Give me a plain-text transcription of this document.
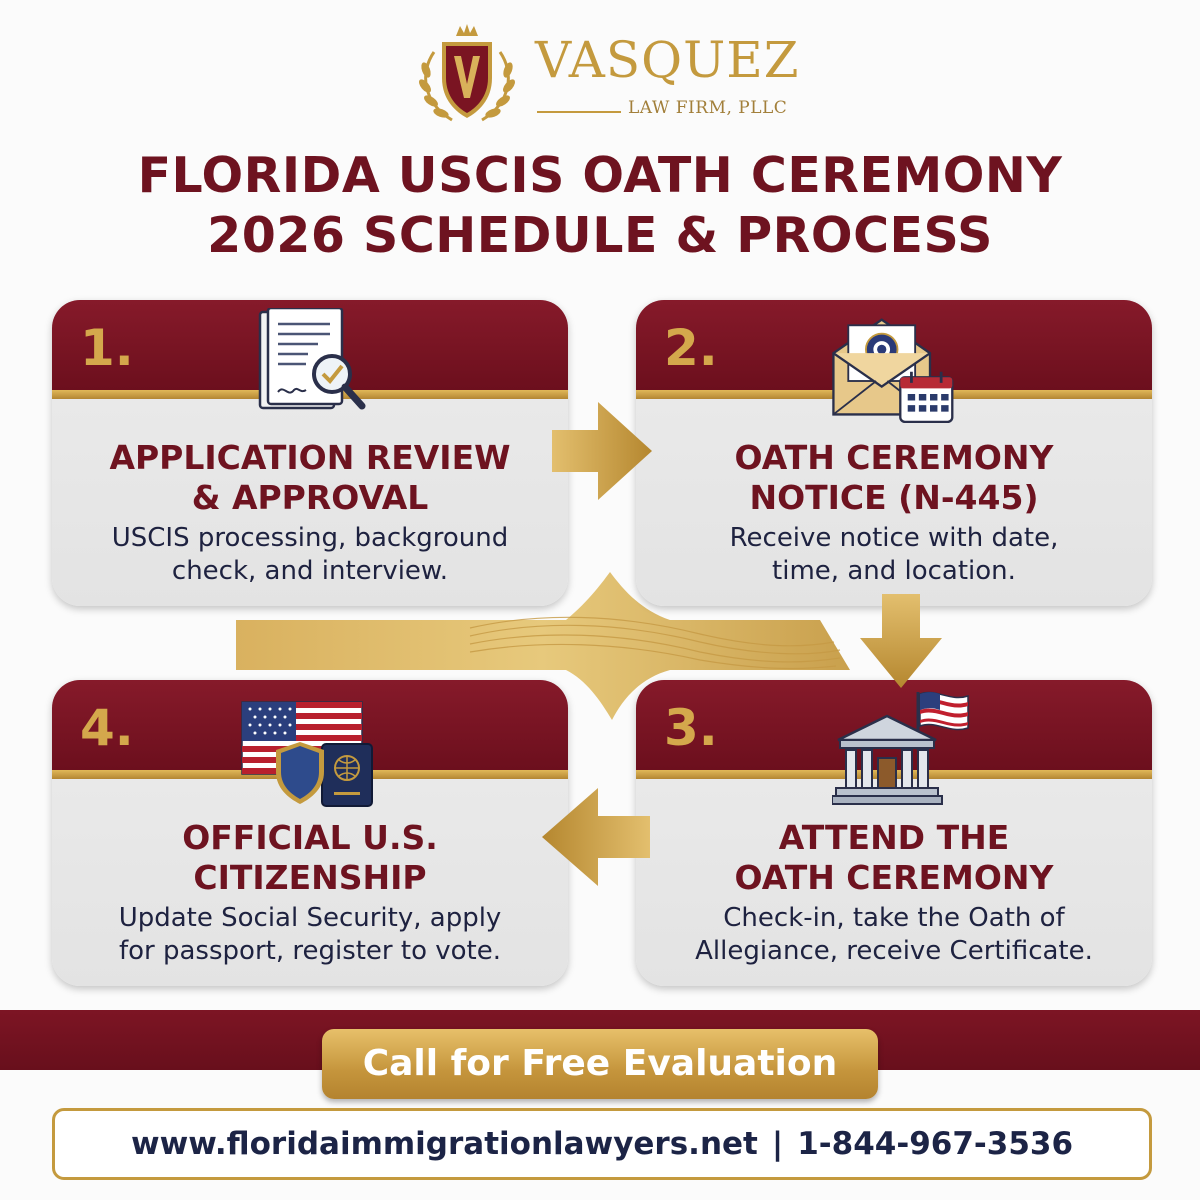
VASQUEZ
LAW FIRM, PLLC
FLORIDA USCIS OATH CEREMONY
2026 SCHEDULE & PROCESS
1.
APPLICATION REVIEW
& APPROVAL
USCIS processing, background
check, and interview.
2.
OATH CEREMONY
NOTICE (N-445)
Receive notice with date,
time, and location.
4.
OFFICIAL U.S.
CITIZENSHIP
Update Social Security, apply
for passport, register to vote.
3.
ATTEND THE
OATH CEREMONY
Check-in, take the Oath of
Allegiance, receive Certificate.
Call for Free Evaluation
www.floridaimmigrationlawyers.net | 1-844-967-3536
